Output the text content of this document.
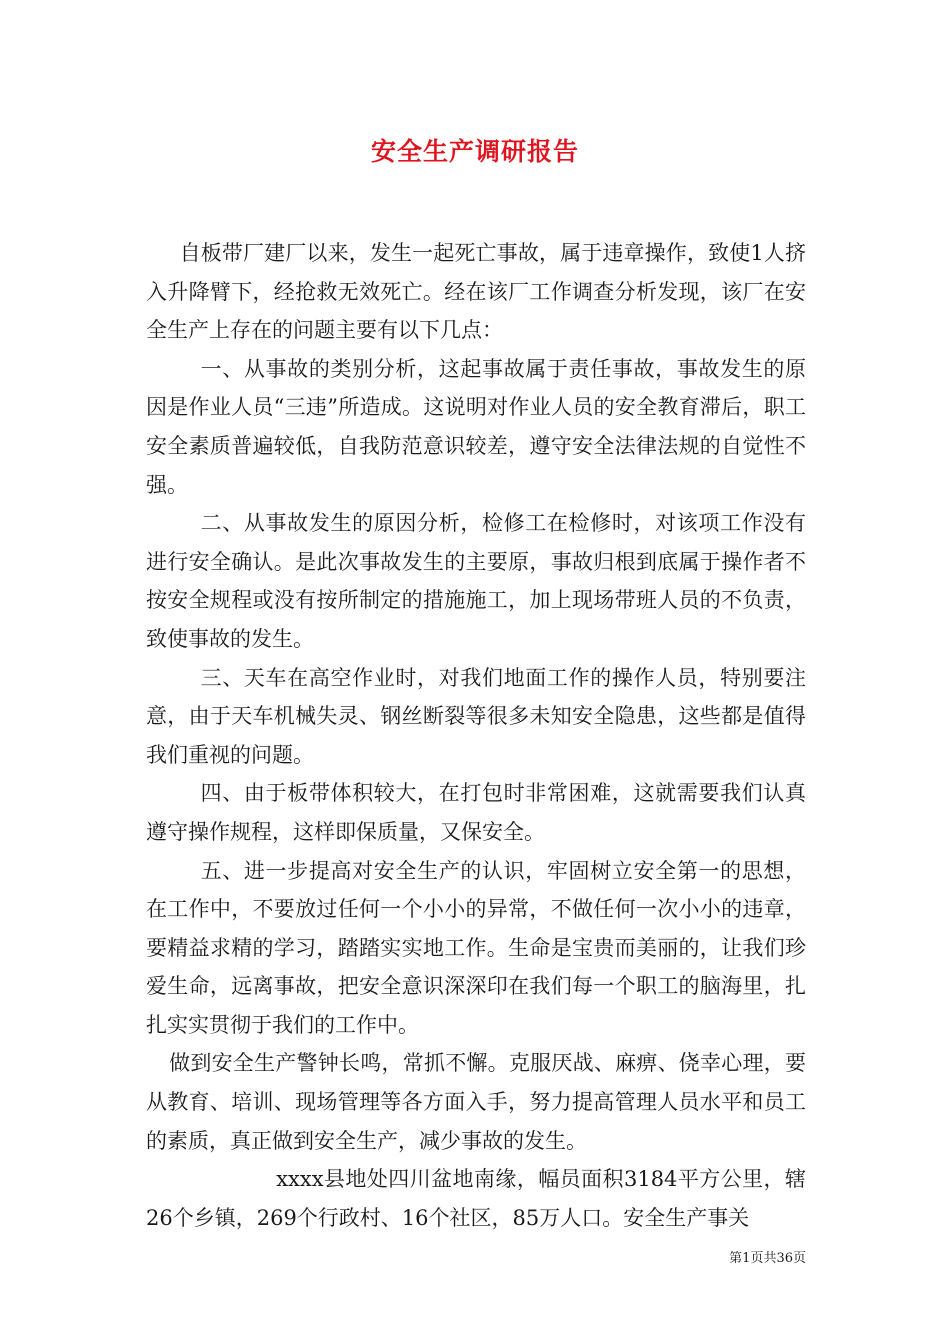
安全生产调研报告

自板带厂建厂以来，发生一起死亡事故，属于违章操作，致使1人挤入升降臂下，经抢救无效死亡。经在该厂工作调查分析发现，该厂在安全生产上存在的问题主要有以下几点：

一、从事故的类别分析，这起事故属于责任事故，事故发生的原因是作业人员“三违”所造成。这说明对作业人员的安全教育滞后，职工安全素质普遍较低，自我防范意识较差，遵守安全法律法规的自觉性不强。

二、从事故发生的原因分析，检修工在检修时，对该项工作没有进行安全确认。是此次事故发生的主要原，事故归根到底属于操作者不按安全规程或没有按所制定的措施施工，加上现场带班人员的不负责，致使事故的发生。

三、天车在高空作业时，对我们地面工作的操作人员，特别要注意，由于天车机械失灵、钢丝断裂等很多未知安全隐患，这些都是值得我们重视的问题。

四、由于板带体积较大，在打包时非常困难，这就需要我们认真遵守操作规程，这样即保质量，又保安全。

五、进一步提高对安全生产的认识，牢固树立安全第一的思想，在工作中，不要放过任何一个小小的异常，不做任何一次小小的违章，要精益求精的学习，踏踏实实地工作。生命是宝贵而美丽的，让我们珍爱生命，远离事故，把安全意识深深印在我们每一个职工的脑海里，扎扎实实贯彻于我们的工作中。

做到安全生产警钟长鸣，常抓不懈。克服厌战、麻痹、侥幸心理，要从教育、培训、现场管理等各方面入手，努力提高管理人员水平和员工的素质，真正做到安全生产，减少事故的发生。

xxxx县地处四川盆地南缘，幅员面积3184平方公里，辖26个乡镇，269个行政村、16个社区，85万人口。安全生产事关

第1页共36页
